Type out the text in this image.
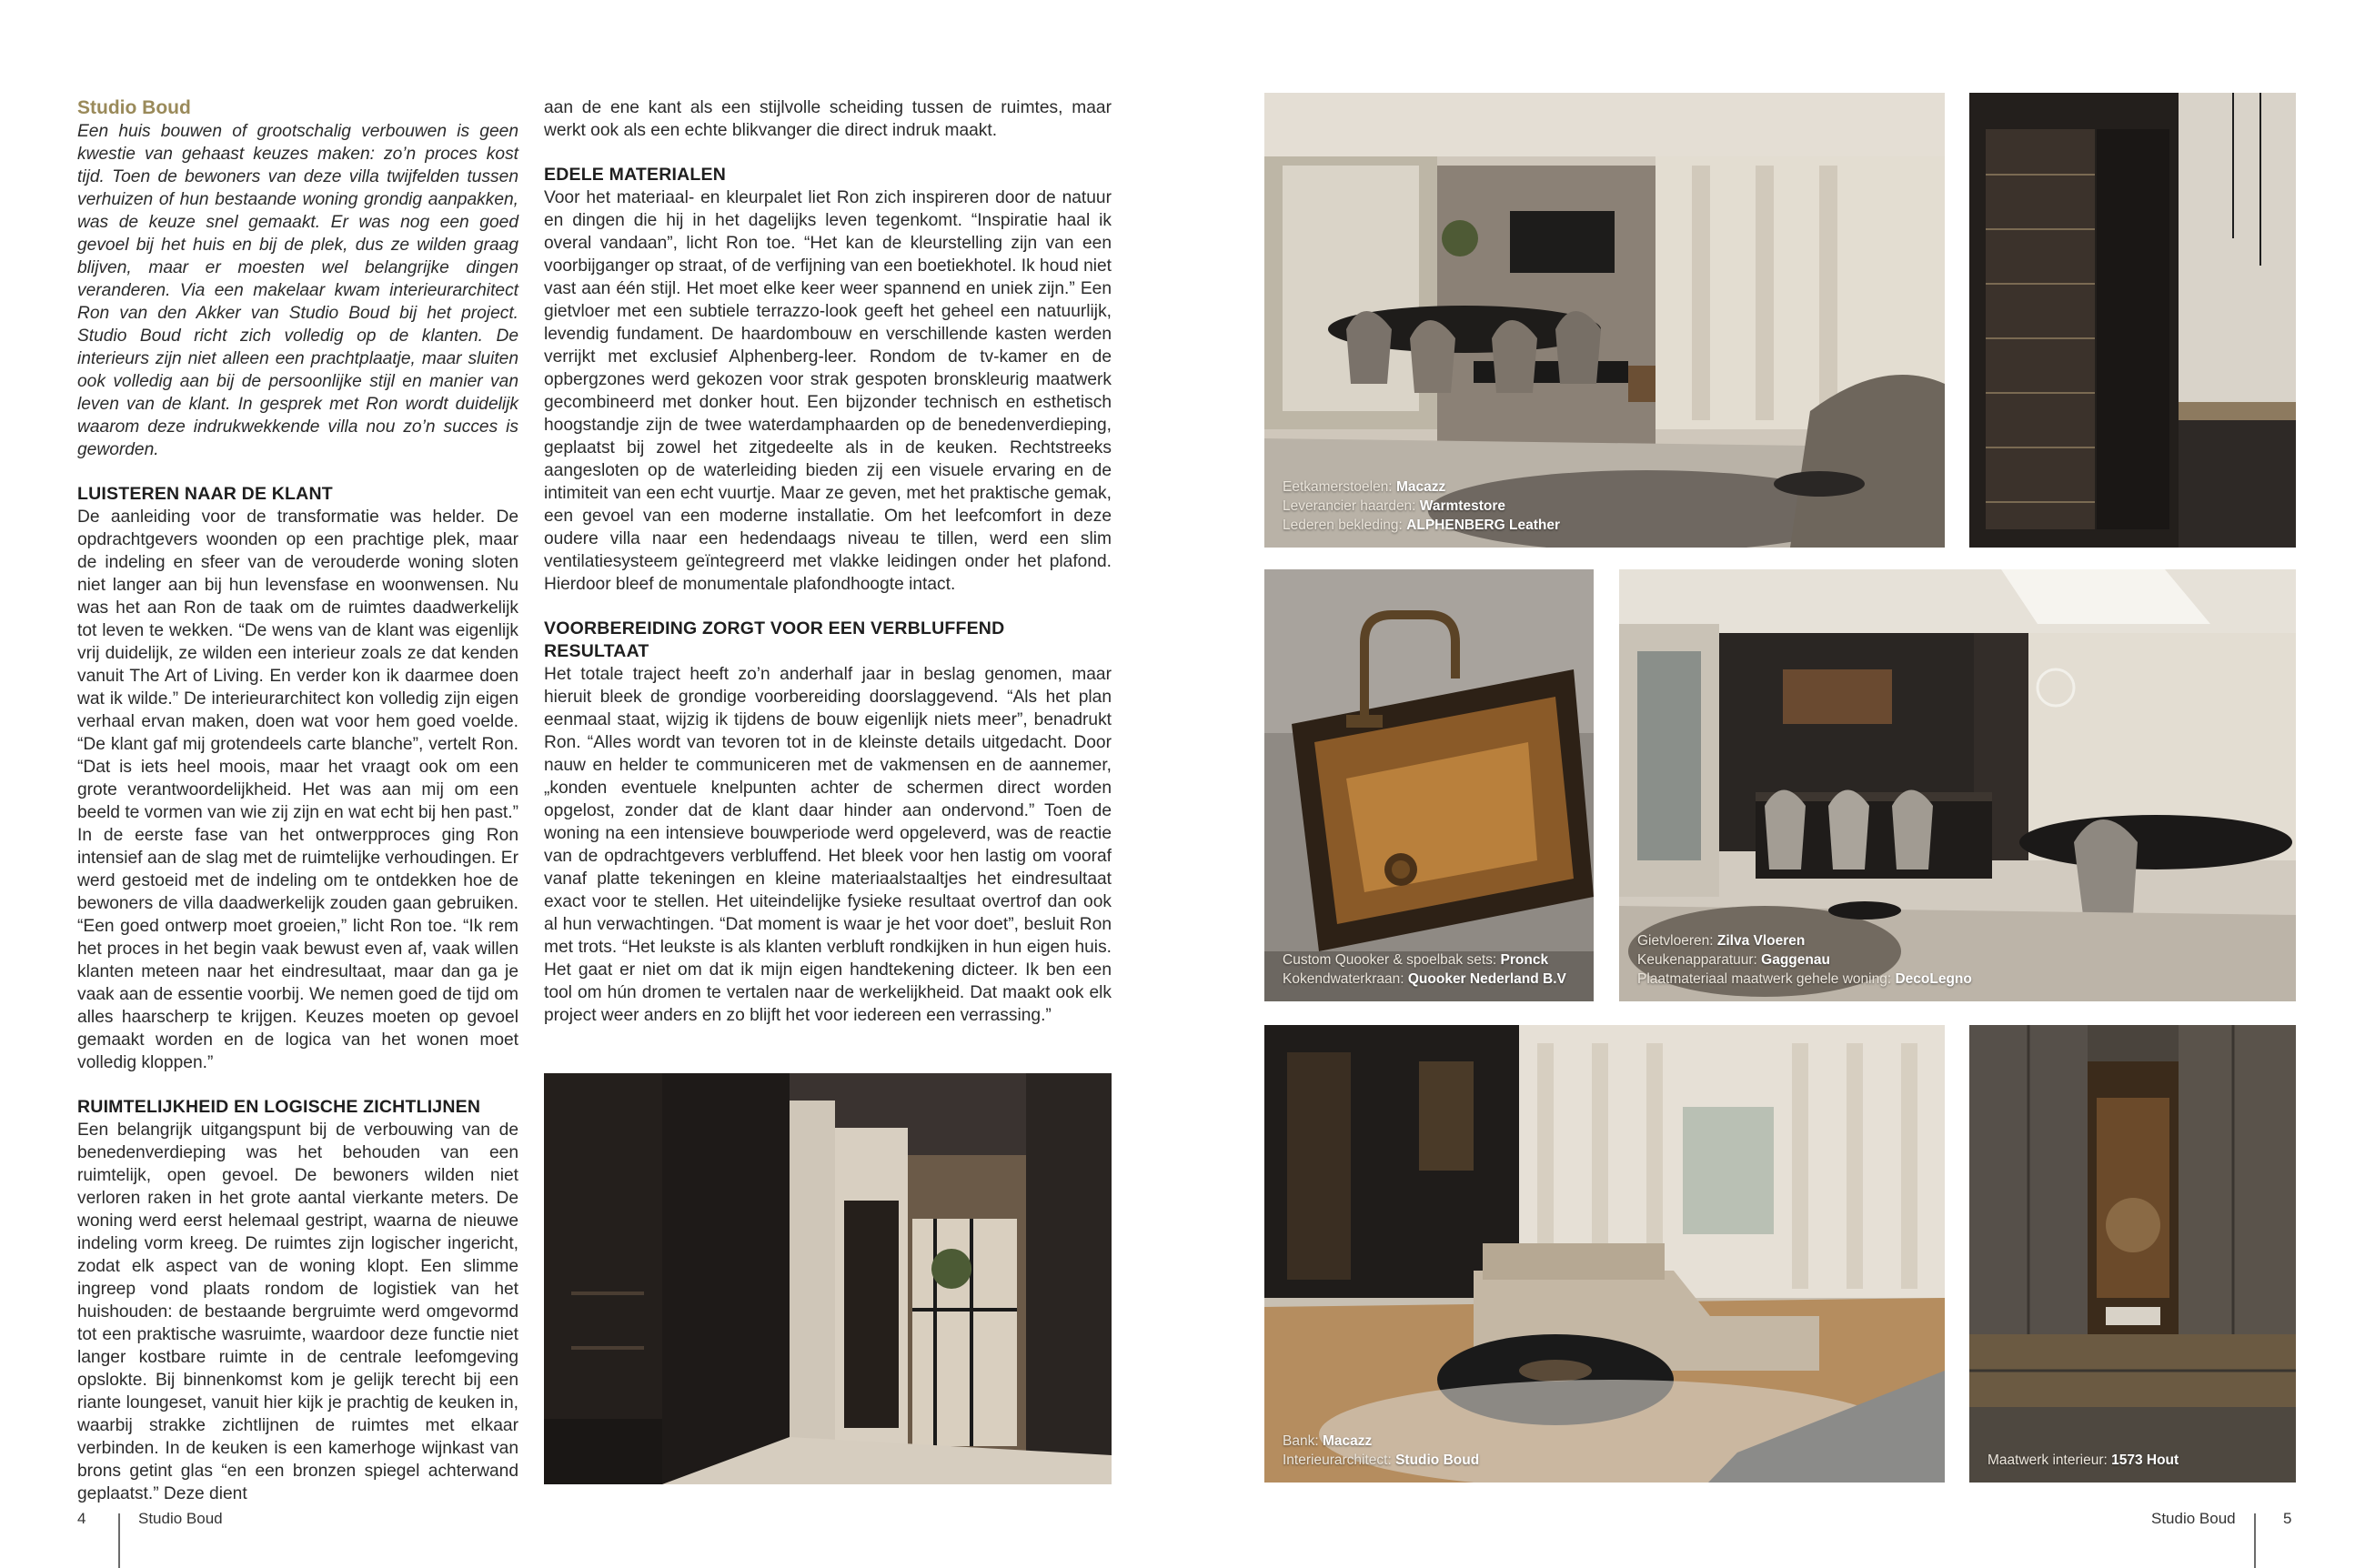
Studio Boud

Een huis bouwen of grootschalig verbouwen is geen kwestie van gehaast keuzes maken: zo’n proces kost tijd. Toen de bewoners van deze villa twijfelden tussen verhuizen of hun bestaande woning grondig aanpakken, was de keuze snel gemaakt. Er was nog een goed gevoel bij het huis en bij de plek, dus ze wilden graag blijven, maar er moesten wel belangrijke dingen veranderen. Via een makelaar kwam interieurarchitect Ron van den Akker van Studio Boud bij het project. Studio Boud richt zich volledig op de klanten. De interieurs zijn niet alleen een prachtplaatje, maar sluiten ook volledig aan bij de persoonlijke stijl en manier van leven van de klant. In gesprek met Ron wordt duidelijk waarom deze indrukwekkende villa nou zo’n succes is geworden.

LUISTEREN NAAR DE KLANT

De aanleiding voor de transformatie was helder. De opdrachtgevers woonden op een prachtige plek, maar de indeling en sfeer van de verouderde woning sloten niet langer aan bij hun levensfase en woonwensen. Nu was het aan Ron de taak om de ruimtes daadwerkelijk tot leven te wekken. “De wens van de klant was eigenlijk vrij duidelijk, ze wilden een interieur zoals ze dat kenden vanuit The Art of Living. En verder kon ik daarmee doen wat ik wilde.” De interieurarchitect kon volledig zijn eigen verhaal ervan maken, doen wat voor hem goed voelde. “De klant gaf mij grotendeels carte blanche”, vertelt Ron. “Dat is iets heel moois, maar het vraagt ook om een grote verantwoordelijkheid. Het was aan mij om een beeld te vormen van wie zij zijn en wat echt bij hen past.” In de eerste fase van het ontwerpproces ging Ron intensief aan de slag met de ruimtelijke verhoudingen. Er werd gestoeid met de indeling om te ontdekken hoe de bewoners de villa daadwerkelijk zouden gaan gebruiken. “Een goed ontwerp moet groeien,” licht Ron toe. “Ik rem het proces in het begin vaak bewust even af, vaak willen klanten meteen naar het eindresultaat, maar dan ga je vaak aan de essentie voorbij. We nemen goed de tijd om alles haarscherp te krijgen. Keuzes moeten op gevoel gemaakt worden en de logica van het wonen moet volledig kloppen.”

RUIMTELIJKHEID EN LOGISCHE ZICHTLIJNEN

Een belangrijk uitgangspunt bij de verbouwing van de benedenverdieping was het behouden van een ruimtelijk, open gevoel. De bewoners wilden niet verloren raken in het grote aantal vierkante meters. De woning werd eerst helemaal gestript, waarna de nieuwe indeling vorm kreeg. De ruimtes zijn logischer ingericht, zodat elk aspect van de woning klopt. Een slimme ingreep vond plaats rondom de logistiek van het huishouden: de bestaande bergruimte werd omgevormd tot een praktische wasruimte, waardoor deze functie niet langer kostbare ruimte in de centrale leefomgeving opslokte. Bij binnenkomst kom je gelijk terecht bij een riante loungeset, vanuit hier kijk je prachtig de keuken in, waarbij strakke zichtlijnen de ruimtes met elkaar verbinden. In de keuken is een kamerhoge wijnkast van brons getint glas “en een bronzen spiegel achterwand geplaatst.” Deze dient

aan de ene kant als een stijlvolle scheiding tussen de ruimtes, maar werkt ook als een echte blikvanger die direct indruk maakt.

EDELE MATERIALEN

Voor het materiaal- en kleurpalet liet Ron zich inspireren door de natuur en dingen die hij in het dagelijks leven tegenkomt. “Inspiratie haal ik overal vandaan”, licht Ron toe. “Het kan de kleurstelling zijn van een voorbijganger op straat, of de verfijning van een boetiekhotel. Ik houd niet vast aan één stijl. Het moet elke keer weer spannend en uniek zijn.” Een gietvloer met een subtiele terrazzo-look geeft het geheel een natuurlijk, levendig fundament. De haardombouw en verschillende kasten werden verrijkt met exclusief Alphenberg-leer. Rondom de tv-kamer en de opbergzones werd gekozen voor strak gespoten bronskleurig maatwerk gecombineerd met donker hout. Een bijzonder technisch en esthetisch hoogstandje zijn de twee waterdamphaarden op de benedenverdieping, geplaatst bij zowel het zitgedeelte als in de keuken. Rechtstreeks aangesloten op de waterleiding bieden zij een visuele ervaring en de intimiteit van een echt vuurtje. Maar ze geven, met het praktische gemak, een gevoel van een moderne installatie. Om het leefcomfort in deze oudere villa naar een hedendaags niveau te tillen, werd een slim ventilatiesysteem geïntegreerd met vlakke leidingen onder het plafond. Hierdoor bleef de monumentale plafondhoogte intact.

VOORBEREIDING ZORGT VOOR EEN VERBLUFFEND RESULTAAT

Het totale traject heeft zo’n anderhalf jaar in beslag genomen, maar hieruit bleek de grondige voorbereiding doorslaggevend. “Als het plan eenmaal staat, wijzig ik tijdens de bouw eigenlijk niets meer”, benadrukt Ron. “Alles wordt van tevoren tot in de kleinste details uitgedacht. Door nauw en helder te communiceren met de vakmensen en de aannemer, „konden eventuele knelpunten achter de schermen direct worden opgelost, zonder dat de klant daar hinder aan ondervond.” Toen de woning na een intensieve bouwperiode werd opgeleverd, was de reactie van de opdrachtgevers verbluffend. Het bleek voor hen lastig om vooraf vanaf platte tekeningen en kleine materiaalstaaltjes het eindresultaat exact voor te stellen. Het uiteindelijke fysieke resultaat overtrof dan ook al hun verwachtingen. “Dat moment is waar je het voor doet”, besluit Ron met trots. “Het leukste is als klanten verbluft rondkijken in hun eigen huis. Het gaat er niet om dat ik mijn eigen handtekening dicteer. Ik ben een tool om hún dromen te vertalen naar de werkelijkheid. Dat maakt ook elk project weer anders en zo blijft het voor iedereen een verrassing.”

Eetkamerstoelen: Macazz
Leverancier haarden: Warmtestore
Lederen bekleding: ALPHENBERG Leather
Custom Quooker & spoelbak sets: Pronck
Kokendwaterkraan: Quooker Nederland B.V
Gietvloeren: Zilva Vloeren
Keukenapparatuur: Gaggenau
Plaatmateriaal maatwerk gehele woning: DecoLegno
Bank: Macazz
Interieurarchitect: Studio Boud	Maatwerk interieur: 1573 Hout
4	Studio Boud	Studio Boud	5
